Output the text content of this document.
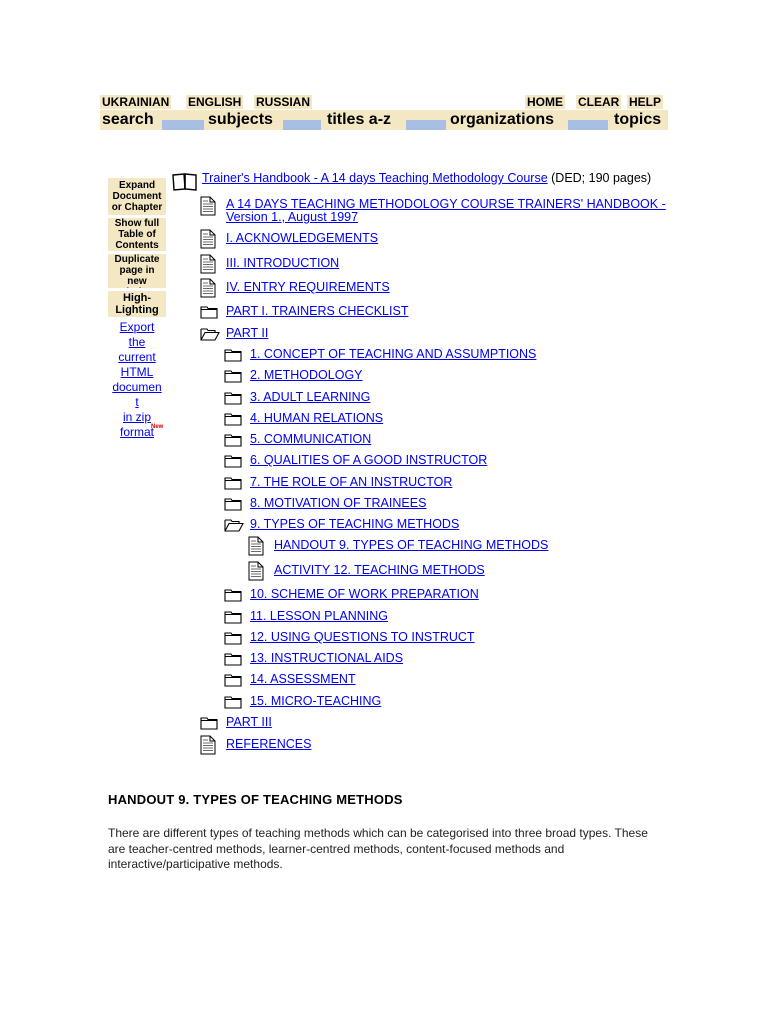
UKRAINIAN ENGLISH RUSSIAN	HOME CLEAR HELP
search	subjects	titles a-z	organizations	topics
Expand
Document
or Chapter
Show full
Table of
Contents
Duplicate
page in
new
High-
Lighting
Export
the
current
HTML
documen
t
in zip
format
New
Trainer's Handbook - A 14 days Teaching Methodology Course (DED; 190 pages)
A 14 DAYS TEACHING METHODOLOGY COURSE TRAINERS' HANDBOOK -
Version 1., August 1997
I. ACKNOWLEDGEMENTS
III. INTRODUCTION
IV. ENTRY REQUIREMENTS
PART I. TRAINERS CHECKLIST
PART II
1. CONCEPT OF TEACHING AND ASSUMPTIONS
2. METHODOLOGY
3. ADULT LEARNING
4. HUMAN RELATIONS
5. COMMUNICATION
6. QUALITIES OF A GOOD INSTRUCTOR
7. THE ROLE OF AN INSTRUCTOR
8. MOTIVATION OF TRAINEES
9. TYPES OF TEACHING METHODS
HANDOUT 9. TYPES OF TEACHING METHODS
ACTIVITY 12. TEACHING METHODS
10. SCHEME OF WORK PREPARATION
11. LESSON PLANNING
12. USING QUESTIONS TO INSTRUCT
13. INSTRUCTIONAL AIDS
14. ASSESSMENT
15. MICRO-TEACHING
PART III
REFERENCES
HANDOUT 9. TYPES OF TEACHING METHODS
There are different types of teaching methods which can be categorised into three broad types. These are teacher-centred methods, learner-centred methods, content-focused methods and interactive/participative methods.
